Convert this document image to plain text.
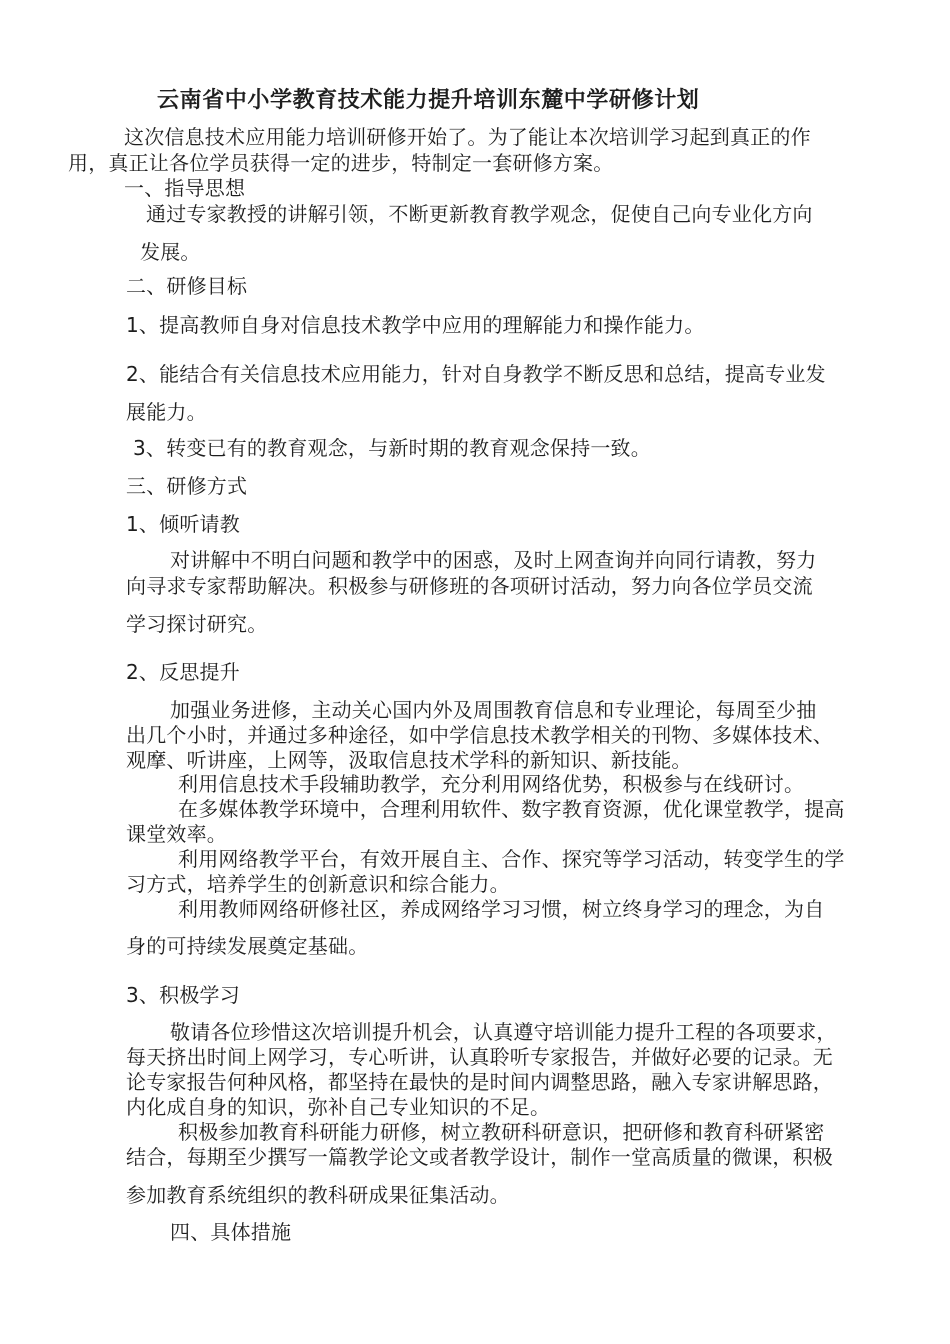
云南省中小学教育技术能力提升培训东麓中学研修计划
这次信息技术应用能力培训研修开始了。为了能让本次培训学习起到真正的作
用，真正让各位学员获得一定的进步，特制定一套研修方案。
一、指导思想
通过专家教授的讲解引领，不断更新教育教学观念，促使自己向专业化方向
发展。
二、研修目标
1、提高教师自身对信息技术教学中应用的理解能力和操作能力。
2、能结合有关信息技术应用能力，针对自身教学不断反思和总结，提高专业发
展能力。
3、转变已有的教育观念，与新时期的教育观念保持一致。
三、研修方式
1、倾听请教
对讲解中不明白问题和教学中的困惑，及时上网查询并向同行请教，努力
向寻求专家帮助解决。积极参与研修班的各项研讨活动，努力向各位学员交流
学习探讨研究。
2、反思提升
加强业务进修，主动关心国内外及周围教育信息和专业理论，每周至少抽
出几个小时，并通过多种途径，如中学信息技术教学相关的刊物、多媒体技术、
观摩、听讲座，上网等，汲取信息技术学科的新知识、新技能。
利用信息技术手段辅助教学，充分利用网络优势，积极参与在线研讨。
在多媒体教学环境中，合理利用软件、数字教育资源，优化课堂教学，提高
课堂效率。
利用网络教学平台，有效开展自主、合作、探究等学习活动，转变学生的学
习方式，培养学生的创新意识和综合能力。
利用教师网络研修社区，养成网络学习习惯，树立终身学习的理念，为自
身的可持续发展奠定基础。
3、积极学习
敬请各位珍惜这次培训提升机会，认真遵守培训能力提升工程的各项要求，
每天挤出时间上网学习，专心听讲，认真聆听专家报告，并做好必要的记录。无
论专家报告何种风格，都坚持在最快的是时间内调整思路，融入专家讲解思路，
内化成自身的知识，弥补自己专业知识的不足。
积极参加教育科研能力研修，树立教研科研意识，把研修和教育科研紧密
结合，每期至少撰写一篇教学论文或者教学设计，制作一堂高质量的微课，积极
参加教育系统组织的教科研成果征集活动。
四、具体措施
